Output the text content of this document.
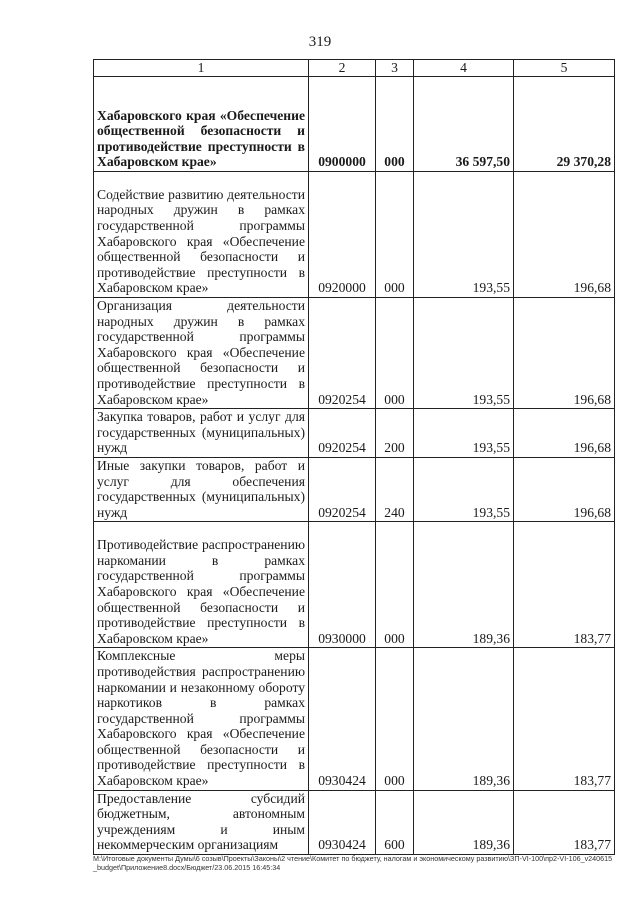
319
1	2	3	4	5
Хабаровского края «Обеспечение общественной безопасности и противодействие преступности в Хабаровском крае»	0900000	000	36 597,50	29 370,28
Содействие развитию деятельности народных дружин в рамках государственной программы Хабаровского края «Обеспечение общественной безопасности и противодействие преступности в Хабаровском крае»	0920000	000	193,55	196,68
Организация деятельности народных дружин в рамках государственной программы Хабаровского края «Обеспечение общественной безопасности и противодействие преступности в Хабаровском крае»	0920254	000	193,55	196,68
Закупка товаров, работ и услуг для государственных (муниципальных) нужд	0920254	200	193,55	196,68
Иные закупки товаров, работ и услуг для обеспечения государственных (муниципальных) нужд	0920254	240	193,55	196,68
Противодействие распространению наркомании в рамках государственной программы Хабаровского края «Обеспечение общественной безопасности и противодействие преступности в Хабаровском крае»	0930000	000	189,36	183,77
Комплексные меры противодействия распространению наркомании и незаконному обороту наркотиков в рамках государственной программы Хабаровского края «Обеспечение общественной безопасности и противодействие преступности в Хабаровском крае»	0930424	000	189,36	183,77
Предоставление субсидий бюджетным, автономным учреждениям и иным некоммерческим организациям	0930424	600	189,36	183,77
M:\Итоговые документы Думы\6 созыв\Проекты\Законы\2 чтение\Комитет по бюджету, налогам и экономическому развитию\ЗП-VI-100\пр2-VI-106_v240615_budget\Приложение8.docx/Бюджет/23.06.2015 16:45:34
